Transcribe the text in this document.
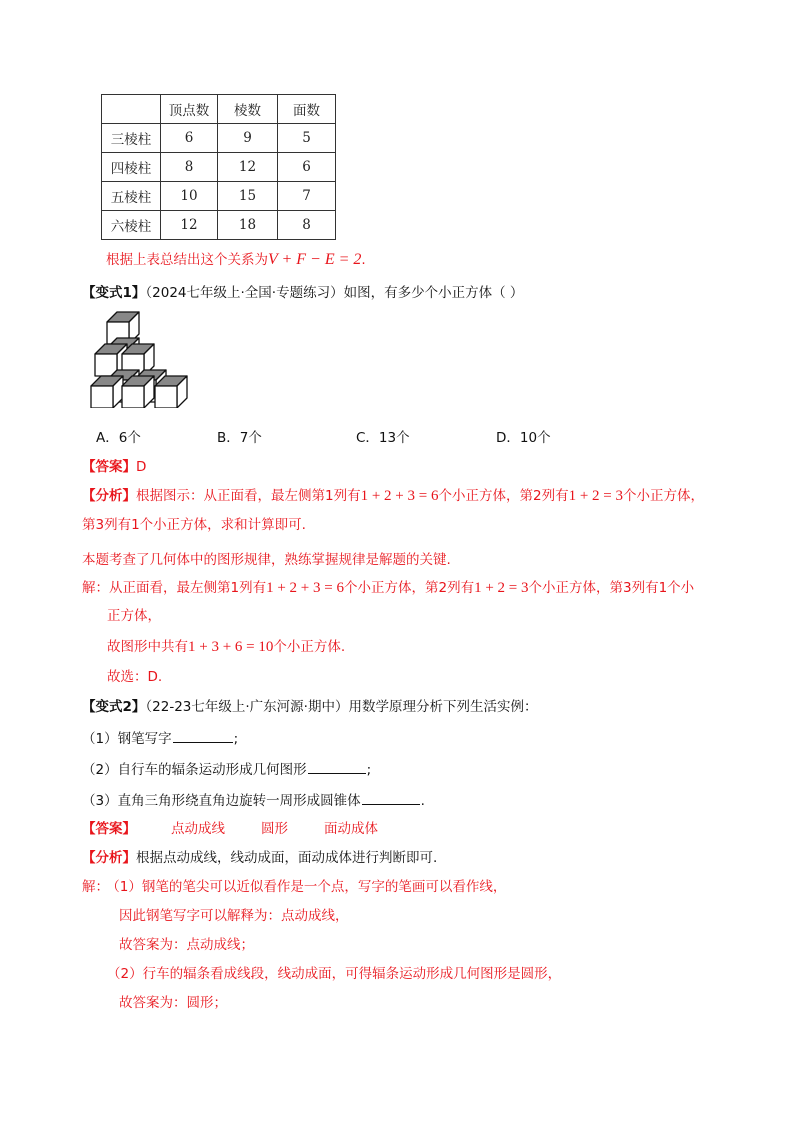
	顶点数	棱数	面数
三棱柱	6	9	5
四棱柱	8	12	6
五棱柱	10	15	7
六棱柱	12	18	8
根据上表总结出这个关系为V + F − E = 2.
【变式1】（2024七年级上·全国·专题练习）如图，有多少个小正方体（ ）
A．6个	B．7个	C．13个	D．10个
【答案】D
【分析】根据图示：从正面看，最左侧第1列有1 + 2 + 3 = 6个小正方体，第2列有1 + 2 = 3个小正方体，
第3列有1个小正方体，求和计算即可.
本题考查了几何体中的图形规律，熟练掌握规律是解题的关键.
解：从正面看，最左侧第1列有1 + 2 + 3 = 6个小正方体，第2列有1 + 2 = 3个小正方体，第3列有1个小
正方体，
故图形中共有1 + 3 + 6 = 10个小正方体.
故选：D.
【变式2】（22-23七年级上·广东河源·期中）用数学原理分析下列生活实例：
（1）钢笔写字	;
（2）自行车的辐条运动形成几何图形	;
（3）直角三角形绕直角边旋转一周形成圆锥体	.
【答案】	点动成线	圆形	面动成体
【分析】根据点动成线，线动成面，面动成体进行判断即可.
解： （1）钢笔的笔尖可以近似看作是一个点，写字的笔画可以看作线，
因此钢笔写字可以解释为：点动成线，
故答案为：点动成线；
（2）行车的辐条看成线段，线动成面，可得辐条运动形成几何图形是圆形，
故答案为：圆形；
